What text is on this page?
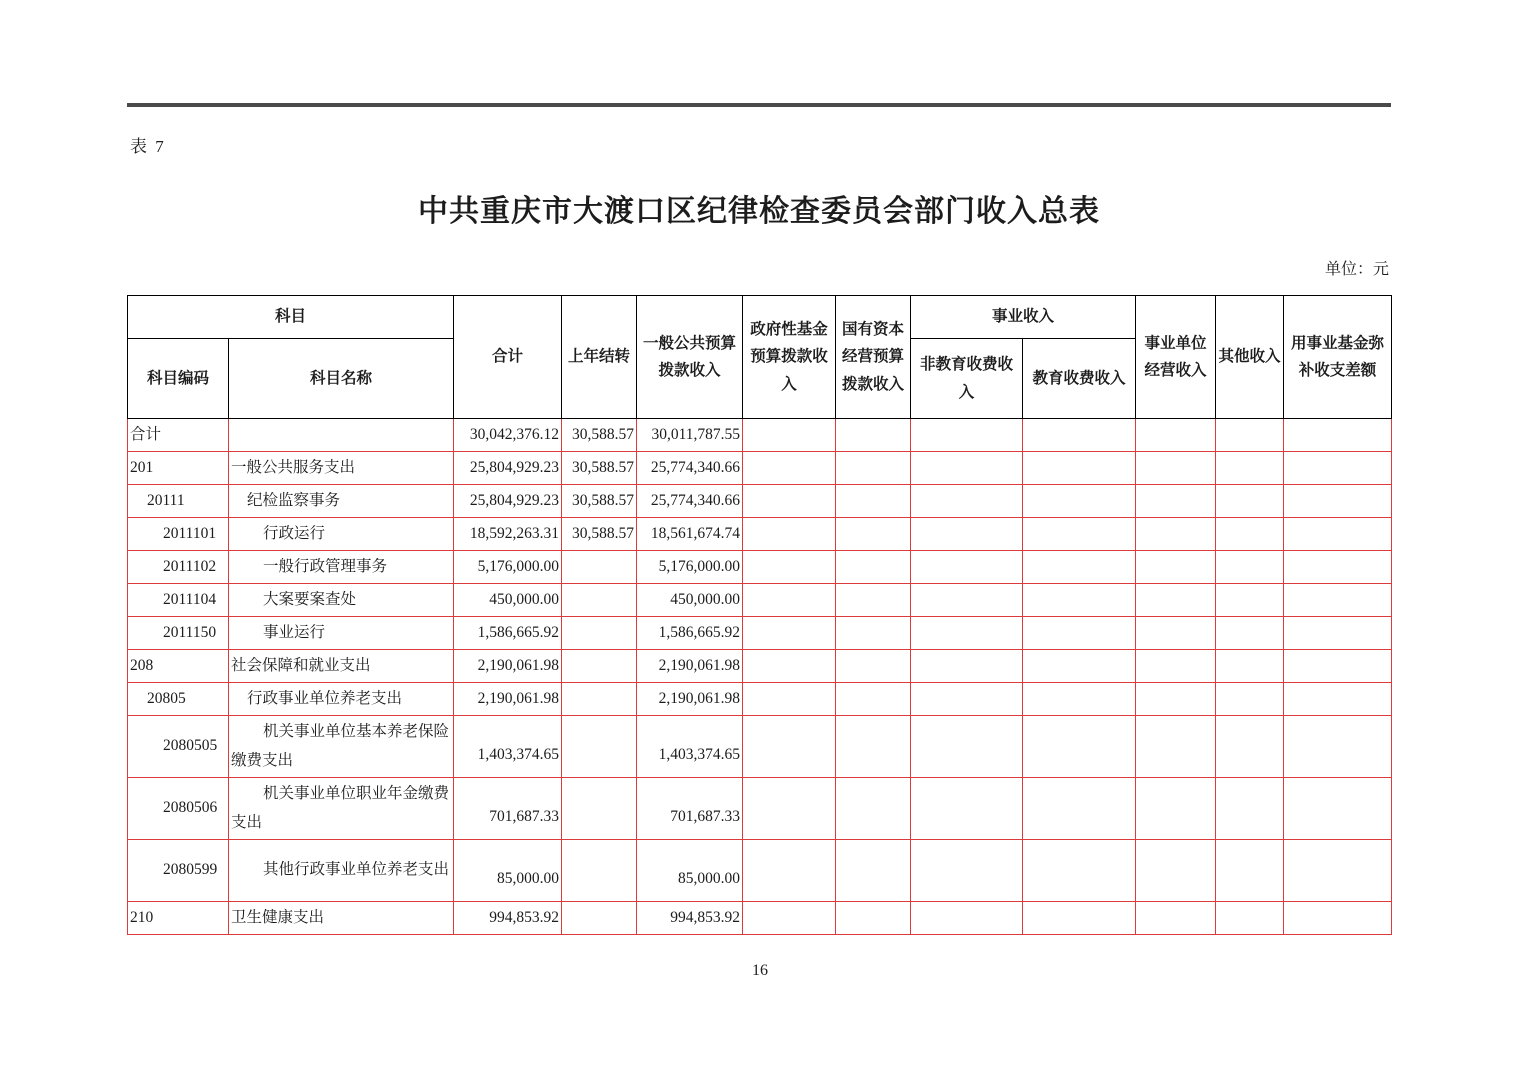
表 7
中共重庆市大渡口区纪律检查委员会部门收入总表
单位：元
科目		合计	上年结转	一般公共预算拨款收入	政府性基金预算拨款收入	国有资本经营预算拨款收入	事业收入		事业单位经营收入	其他收入	用事业基金弥补收支差额
科目编码	科目名称						非教育收费收入	教育收费收入			
合计		30,042,376.12	30,588.57	30,011,787.55							
201	一般公共服务支出	25,804,929.23	30,588.57	25,774,340.66							
20111	纪检监察事务	25,804,929.23	30,588.57	25,774,340.66							
2011101	行政运行	18,592,263.31	30,588.57	18,561,674.74							
2011102	一般行政管理事务	5,176,000.00		5,176,000.00							
2011104	大案要案查处	450,000.00		450,000.00							
2011150	事业运行	1,586,665.92		1,586,665.92							
208	社会保障和就业支出	2,190,061.98		2,190,061.98							
20805	行政事业单位养老支出	2,190,061.98		2,190,061.98							
2080505	机关事业单位基本养老保险缴费支出	1,403,374.65		1,403,374.65							
2080506	机关事业单位职业年金缴费支出	701,687.33		701,687.33							
2080599	其他行政事业单位养老支出	85,000.00		85,000.00							
210	卫生健康支出	994,853.92		994,853.92							
16
